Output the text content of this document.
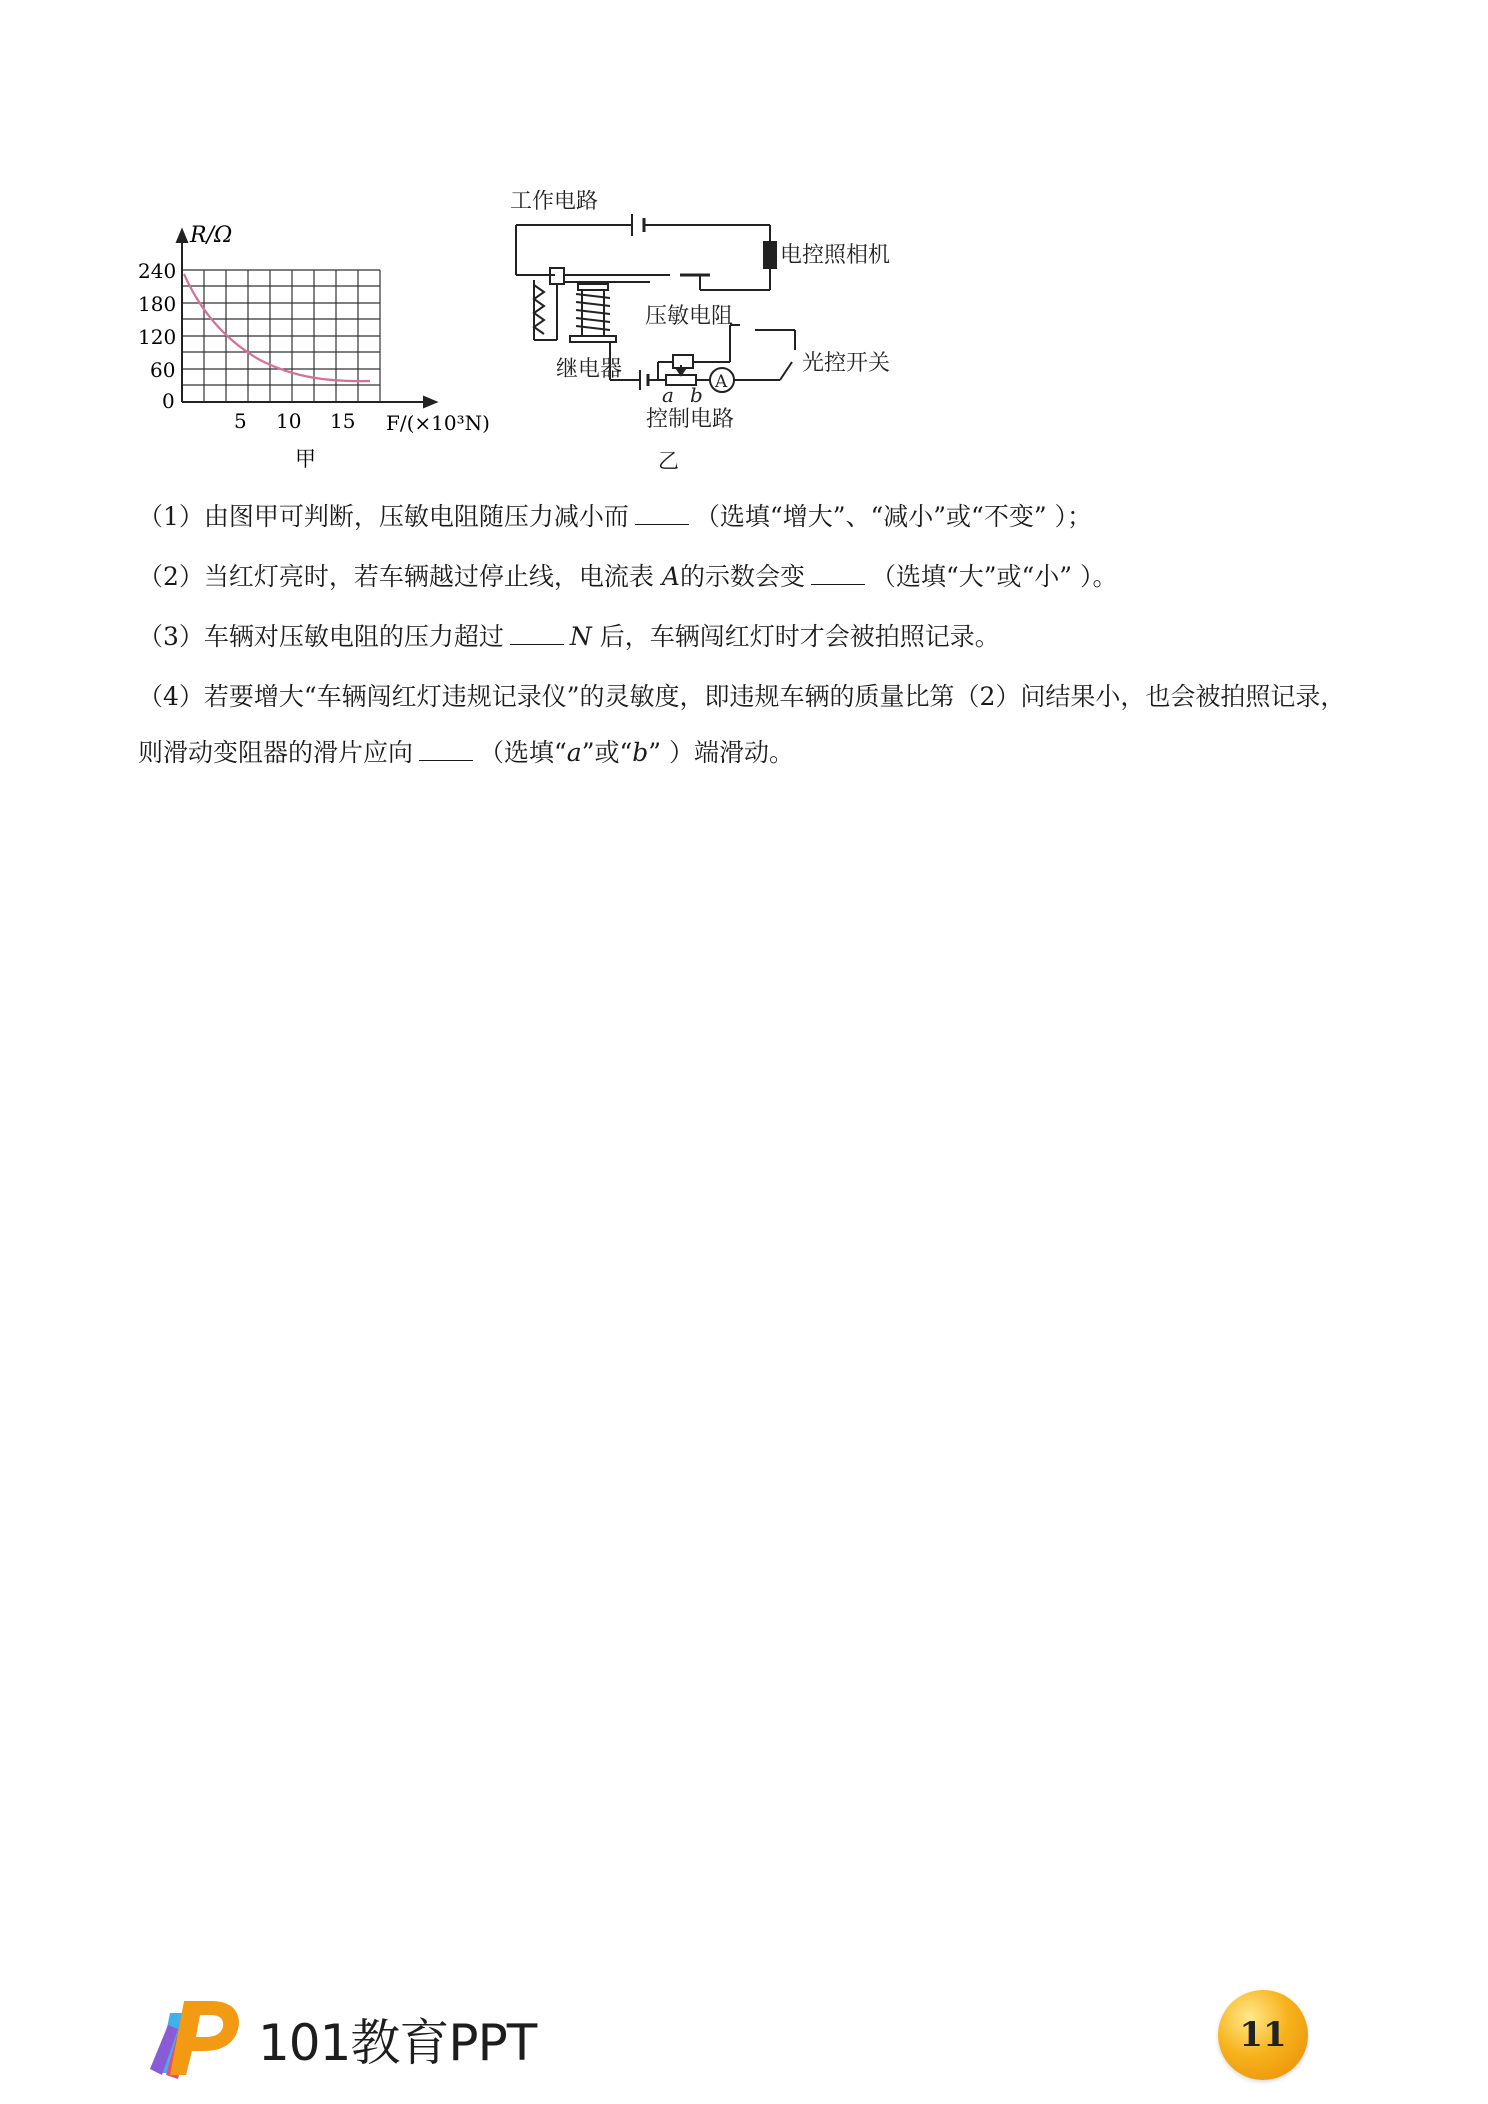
R/Ω
240
180
120
60
0
5 10 15 F/(×10³N)
甲
工作电路
电控照相机
压敏电阻
继电器	光控开关
a b
A
控制电路
乙
（1）由图甲可判断，压敏电阻随压力减小而	（选填“增大”、“减小”或“不变” ）；
（2）当红灯亮时，若车辆越过停止线，电流表 A的示数会变	（选填“大”或“小” ）。
（3）车辆对压敏电阻的压力超过	N 后，车辆闯红灯时才会被拍照记录。
（4）若要增大“车辆闯红灯违规记录仪”的灵敏度，即违规车辆的质量比第（2）问结果小，也会被拍照记录，
则滑动变阻器的滑片应向	（选填“a”或“b” ）端滑动。
101教育PPT	11
